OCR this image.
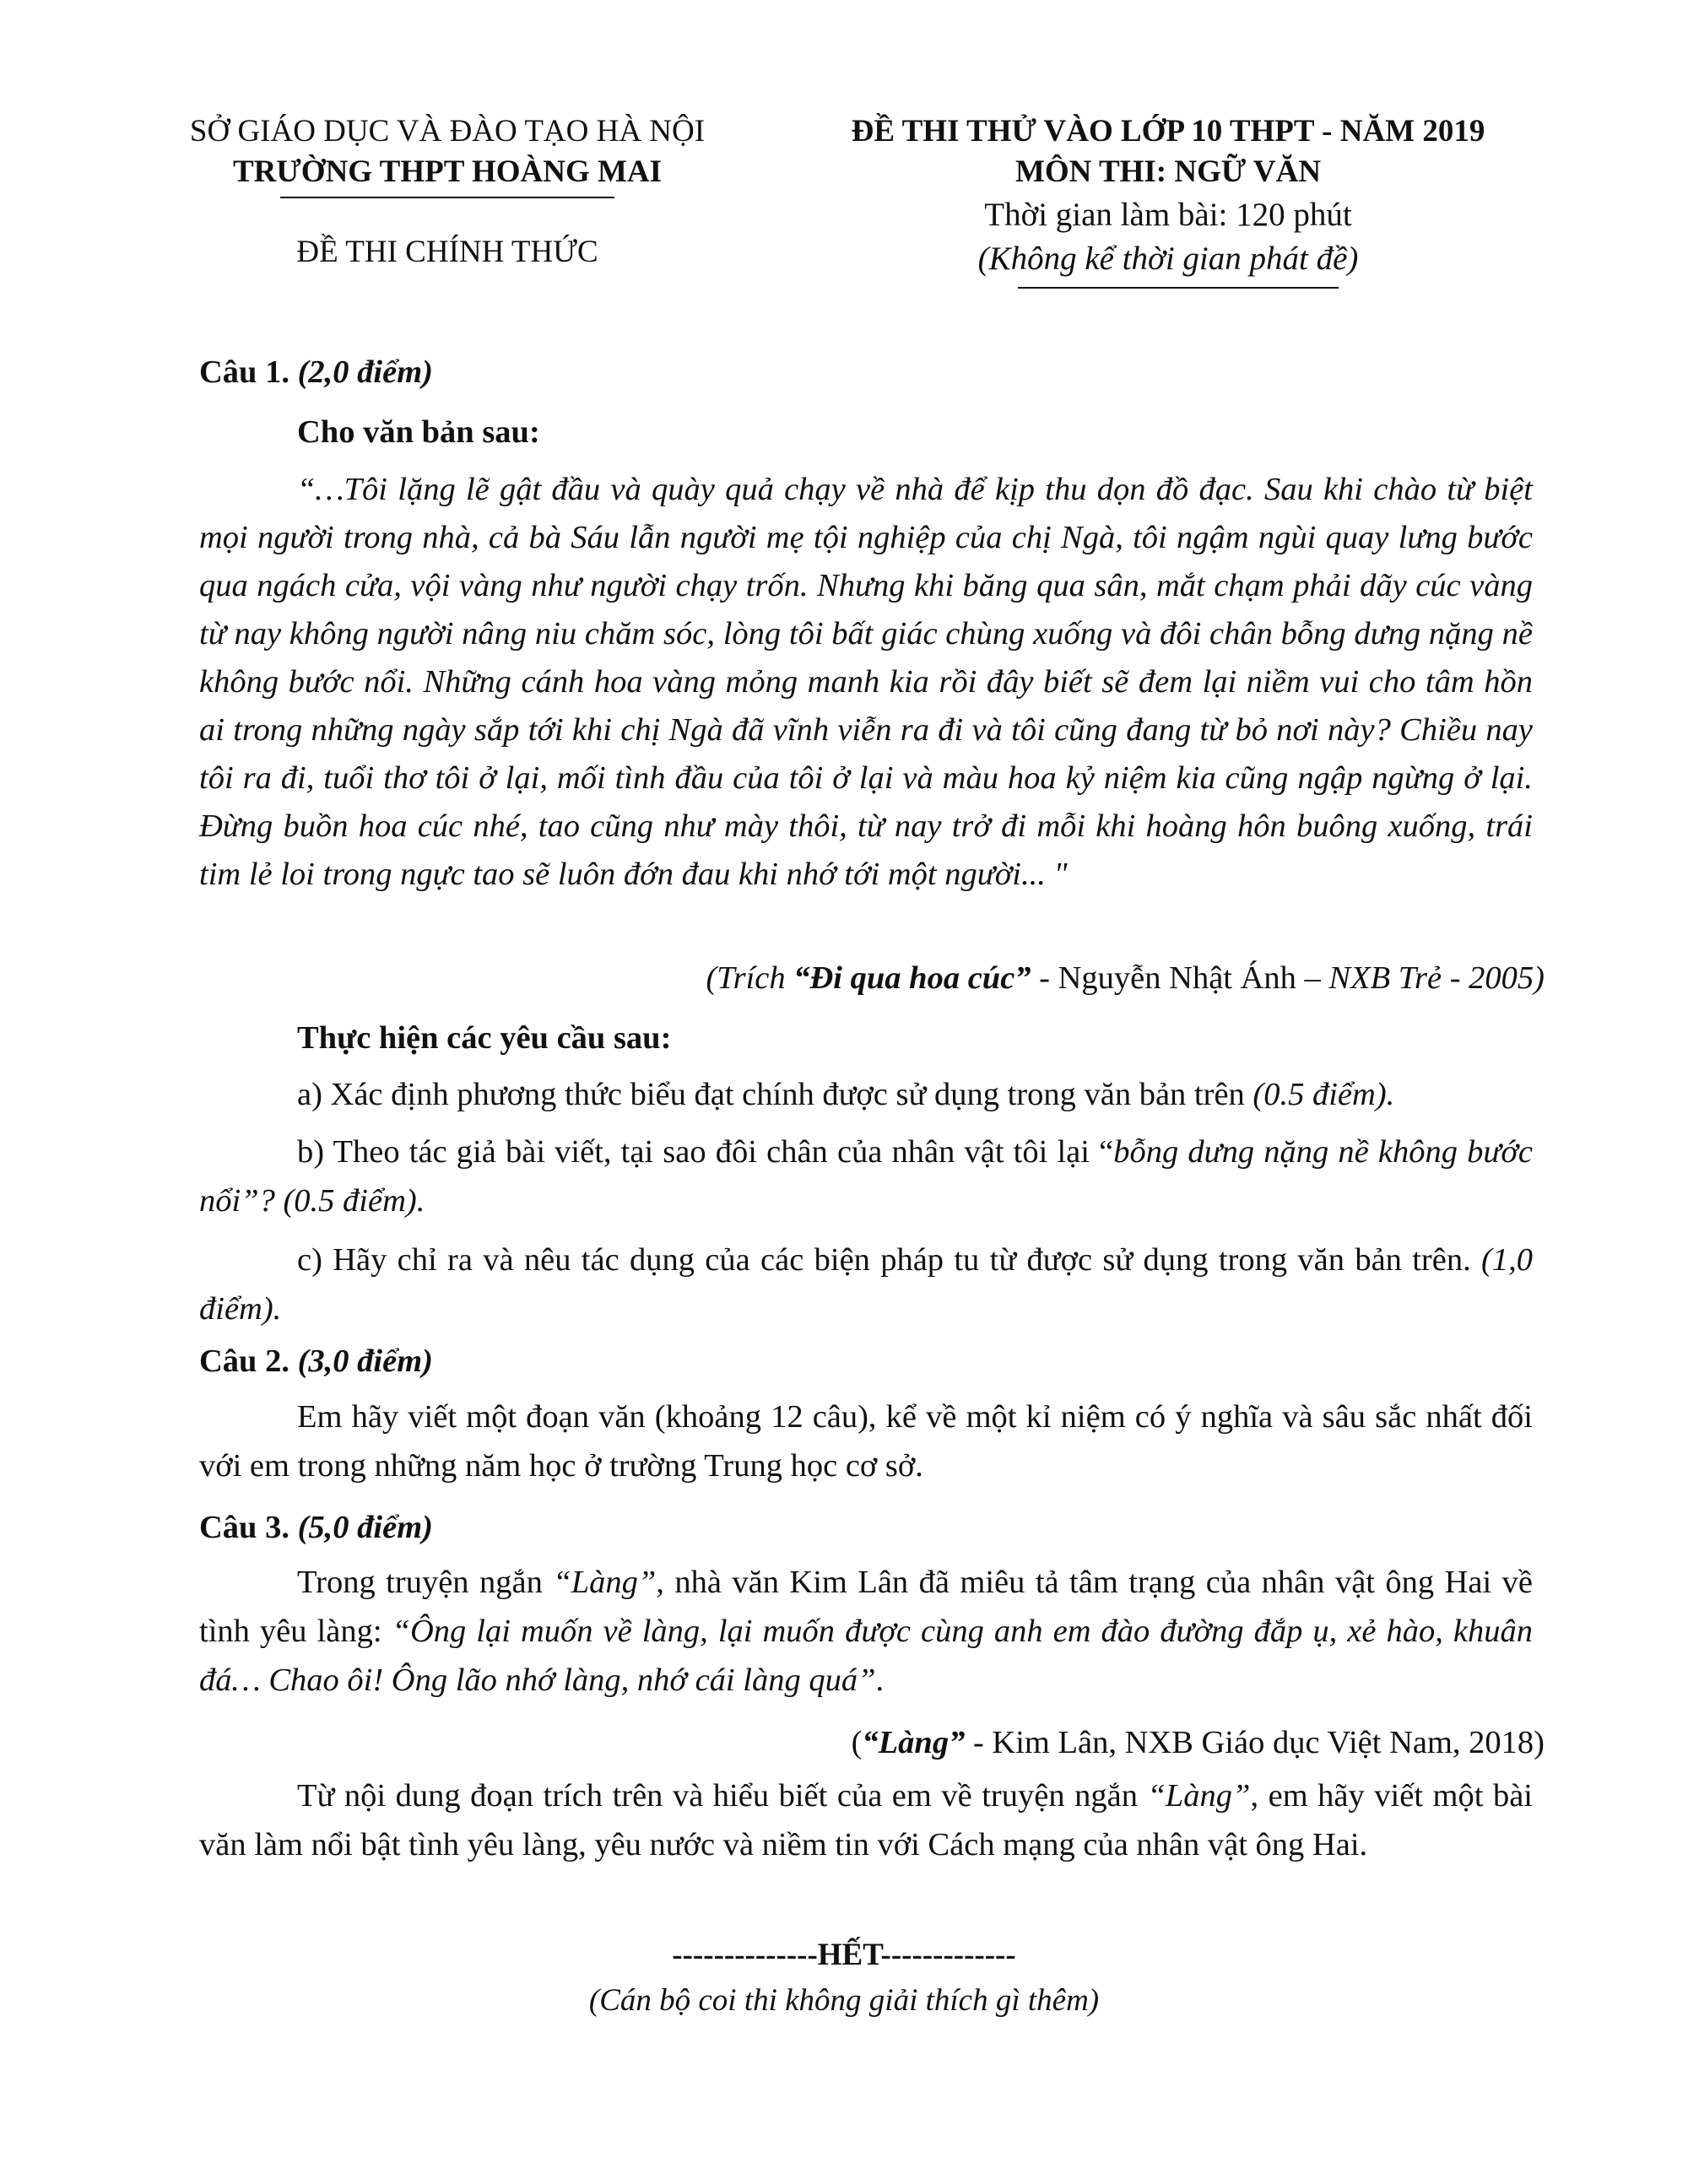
SỞ GIÁO DỤC VÀ ĐÀO TẠO HÀ NỘI
TRƯỜNG THPT HOÀNG MAI
ĐỀ THI CHÍNH THỨC
ĐỀ THI THỬ VÀO LỚP 10 THPT - NĂM 2019
MÔN THI: NGỮ VĂN
Thời gian làm bài: 120 phút
(Không kể thời gian phát đề)
Câu 1. (2,0 điểm)
Cho văn bản sau:
“…Tôi lặng lẽ gật đầu và quày quả chạy về nhà để kịp thu dọn đồ đạc. Sau khi chào từ biệt mọi người trong nhà, cả bà Sáu lẫn người mẹ tội nghiệp của chị Ngà, tôi ngậm ngùi quay lưng bước qua ngách cửa, vội vàng như người chạy trốn. Nhưng khi băng qua sân, mắt chạm phải dãy cúc vàng từ nay không người nâng niu chăm sóc, lòng tôi bất giác chùng xuống và đôi chân bỗng dưng nặng nề không bước nổi. Những cánh hoa vàng mỏng manh kia rồi đây biết sẽ đem lại niềm vui cho tâm hồn ai trong những ngày sắp tới khi chị Ngà đã vĩnh viễn ra đi và tôi cũng đang từ bỏ nơi này? Chiều nay tôi ra đi, tuổi thơ tôi ở lại, mối tình đầu của tôi ở lại và màu hoa kỷ niệm kia cũng ngập ngừng ở lại. Đừng buồn hoa cúc nhé, tao cũng như mày thôi, từ nay trở đi mỗi khi hoàng hôn buông xuống, trái tim lẻ loi trong ngực tao sẽ luôn đớn đau khi nhớ tới một người... "
(Trích “Đi qua hoa cúc” - Nguyễn Nhật Ánh – NXB Trẻ - 2005)
Thực hiện các yêu cầu sau:
a) Xác định phương thức biểu đạt chính được sử dụng trong văn bản trên (0.5 điểm).
b) Theo tác giả bài viết, tại sao đôi chân của nhân vật tôi lại “bỗng dưng nặng nề không bước nổi”? (0.5 điểm).
c) Hãy chỉ ra và nêu tác dụng của các biện pháp tu từ được sử dụng trong văn bản trên. (1,0 điểm).
Câu 2. (3,0 điểm)
Em hãy viết một đoạn văn (khoảng 12 câu), kể về một kỉ niệm có ý nghĩa và sâu sắc nhất đối với em trong những năm học ở trường Trung học cơ sở.
Câu 3. (5,0 điểm)
Trong truyện ngắn “Làng”, nhà văn Kim Lân đã miêu tả tâm trạng của nhân vật ông Hai về tình yêu làng: “Ông lại muốn về làng, lại muốn được cùng anh em đào đường đắp ụ, xẻ hào, khuân đá… Chao ôi! Ông lão nhớ làng, nhớ cái làng quá”.
(“Làng” - Kim Lân, NXB Giáo dục Việt Nam, 2018)
Từ nội dung đoạn trích trên và hiểu biết của em về truyện ngắn “Làng”, em hãy viết một bài văn làm nổi bật tình yêu làng, yêu nước và niềm tin với Cách mạng của nhân vật ông Hai.
--------------HẾT-------------
(Cán bộ coi thi không giải thích gì thêm)
